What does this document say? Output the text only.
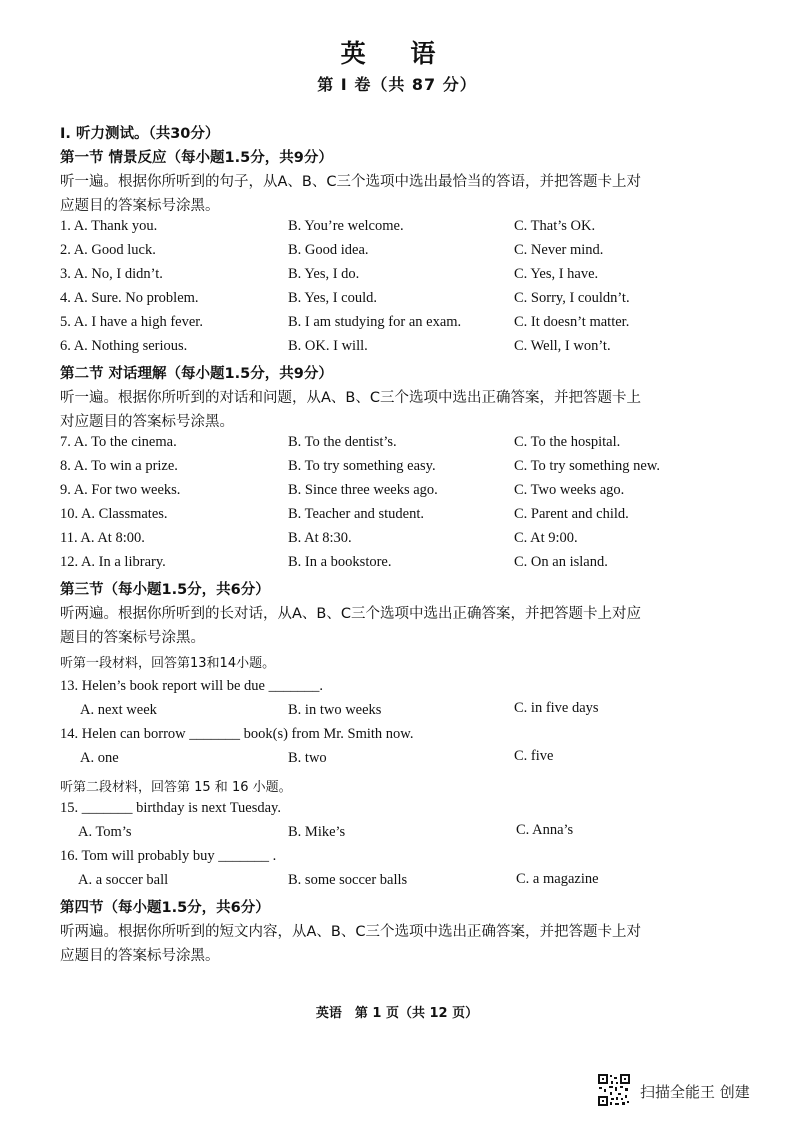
英 语
第 I 卷（共 87 分）
I. 听力测试。（共30分）
第一节 情景反应（每小题1.5分，共9分）
听一遍。根据你所听到的句子，从A、B、C三个选项中选出最恰当的答语，并把答题卡上对
应题目的答案标号涂黑。
1. A. Thank you.	B. You’re welcome.	C. That’s OK.
2. A. Good luck.	B. Good idea.	C. Never mind.
3. A. No, I didn’t.	B. Yes, I do.	C. Yes, I have.
4. A. Sure. No problem.	B. Yes, I could.	C. Sorry, I couldn’t.
5. A. I have a high fever.	B. I am studying for an exam.	C. It doesn’t matter.
6. A. Nothing serious.	B. OK. I will.	C. Well, I won’t.
第二节 对话理解（每小题1.5分，共9分）
听一遍。根据你所听到的对话和问题，从A、B、C三个选项中选出正确答案，并把答题卡上
对应题目的答案标号涂黑。
7. A. To the cinema.	B. To the dentist’s.	C. To the hospital.
8. A. To win a prize.	B. To try something easy.	C. To try something new.
9. A. For two weeks.	B. Since three weeks ago.	C. Two weeks ago.
10. A. Classmates.	B. Teacher and student.	C. Parent and child.
11. A. At 8:00.	B. At 8:30.	C. At 9:00.
12. A. In a library.	B. In a bookstore.	C. On an island.
第三节（每小题1.5分，共6分）
听两遍。根据你所听到的长对话，从A、B、C三个选项中选出正确答案，并把答题卡上对应
题目的答案标号涂黑。
听第一段材料，回答第13和14小题。
13. Helen’s book report will be due _______.
A. next week	B. in two weeks	C. in five days
14. Helen can borrow _______ book(s) from Mr. Smith now.
A. one	B. two	C. five
听第二段材料，回答第 15 和 16 小题。
15. _______ birthday is next Tuesday.
A. Tom’s	B. Mike’s	C. Anna’s
16. Tom will probably buy _______ .
A. a soccer ball	B. some soccer balls	C. a magazine
第四节（每小题1.5分，共6分）
听两遍。根据你所听到的短文内容，从A、B、C三个选项中选出正确答案，并把答题卡上对
应题目的答案标号涂黑。
英语　第 1 页（共 12 页）
扫描全能王 创建
